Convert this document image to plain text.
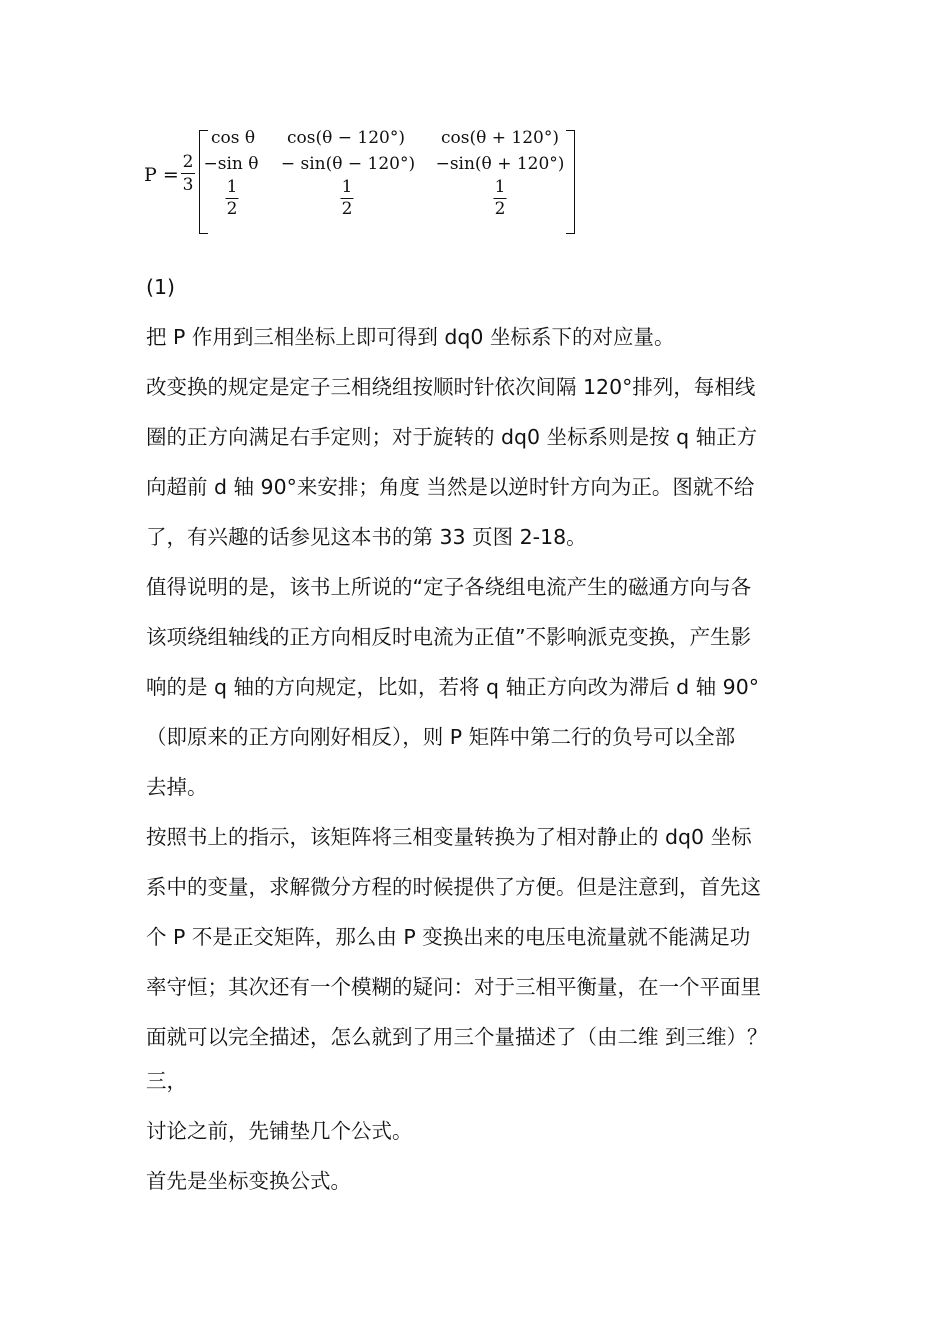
P =
2
3
cos θ cos(θ − 120°) cos(θ + 120°)
−sin θ − sin(θ − 120°) −sin(θ + 120°)
1
2
1
2
1
2
(1)
把 P 作用到三相坐标上即可得到 dq0 坐标系下的对应量。
改变换的规定是定子三相绕组按顺时针依次间隔 120°排列，每相线
圈的正方向满足右手定则；对于旋转的 dq0 坐标系则是按 q 轴正方
向超前 d 轴 90°来安排；角度 当然是以逆时针方向为正。图就不给
了，有兴趣的话参见这本书的第 33 页图 2-18。
值得说明的是，该书上所说的“定子各绕组电流产生的磁通方向与各
该项绕组轴线的正方向相反时电流为正值”不影响派克变换，产生影
响的是 q 轴的方向规定，比如，若将 q 轴正方向改为滞后 d 轴 90°
（即原来的正方向刚好相反），则 P 矩阵中第二行的负号可以全部
去掉。
按照书上的指示，该矩阵将三相变量转换为了相对静止的 dq0 坐标
系中的变量，求解微分方程的时候提供了方便。但是注意到，首先这
个 P 不是正交矩阵，那么由 P 变换出来的电压电流量就不能满足功
率守恒；其次还有一个模糊的疑问：对于三相平衡量，在一个平面里
面就可以完全描述，怎么就到了用三个量描述了（由二维 到三维）？
三，
讨论之前，先铺垫几个公式。
首先是坐标变换公式。
